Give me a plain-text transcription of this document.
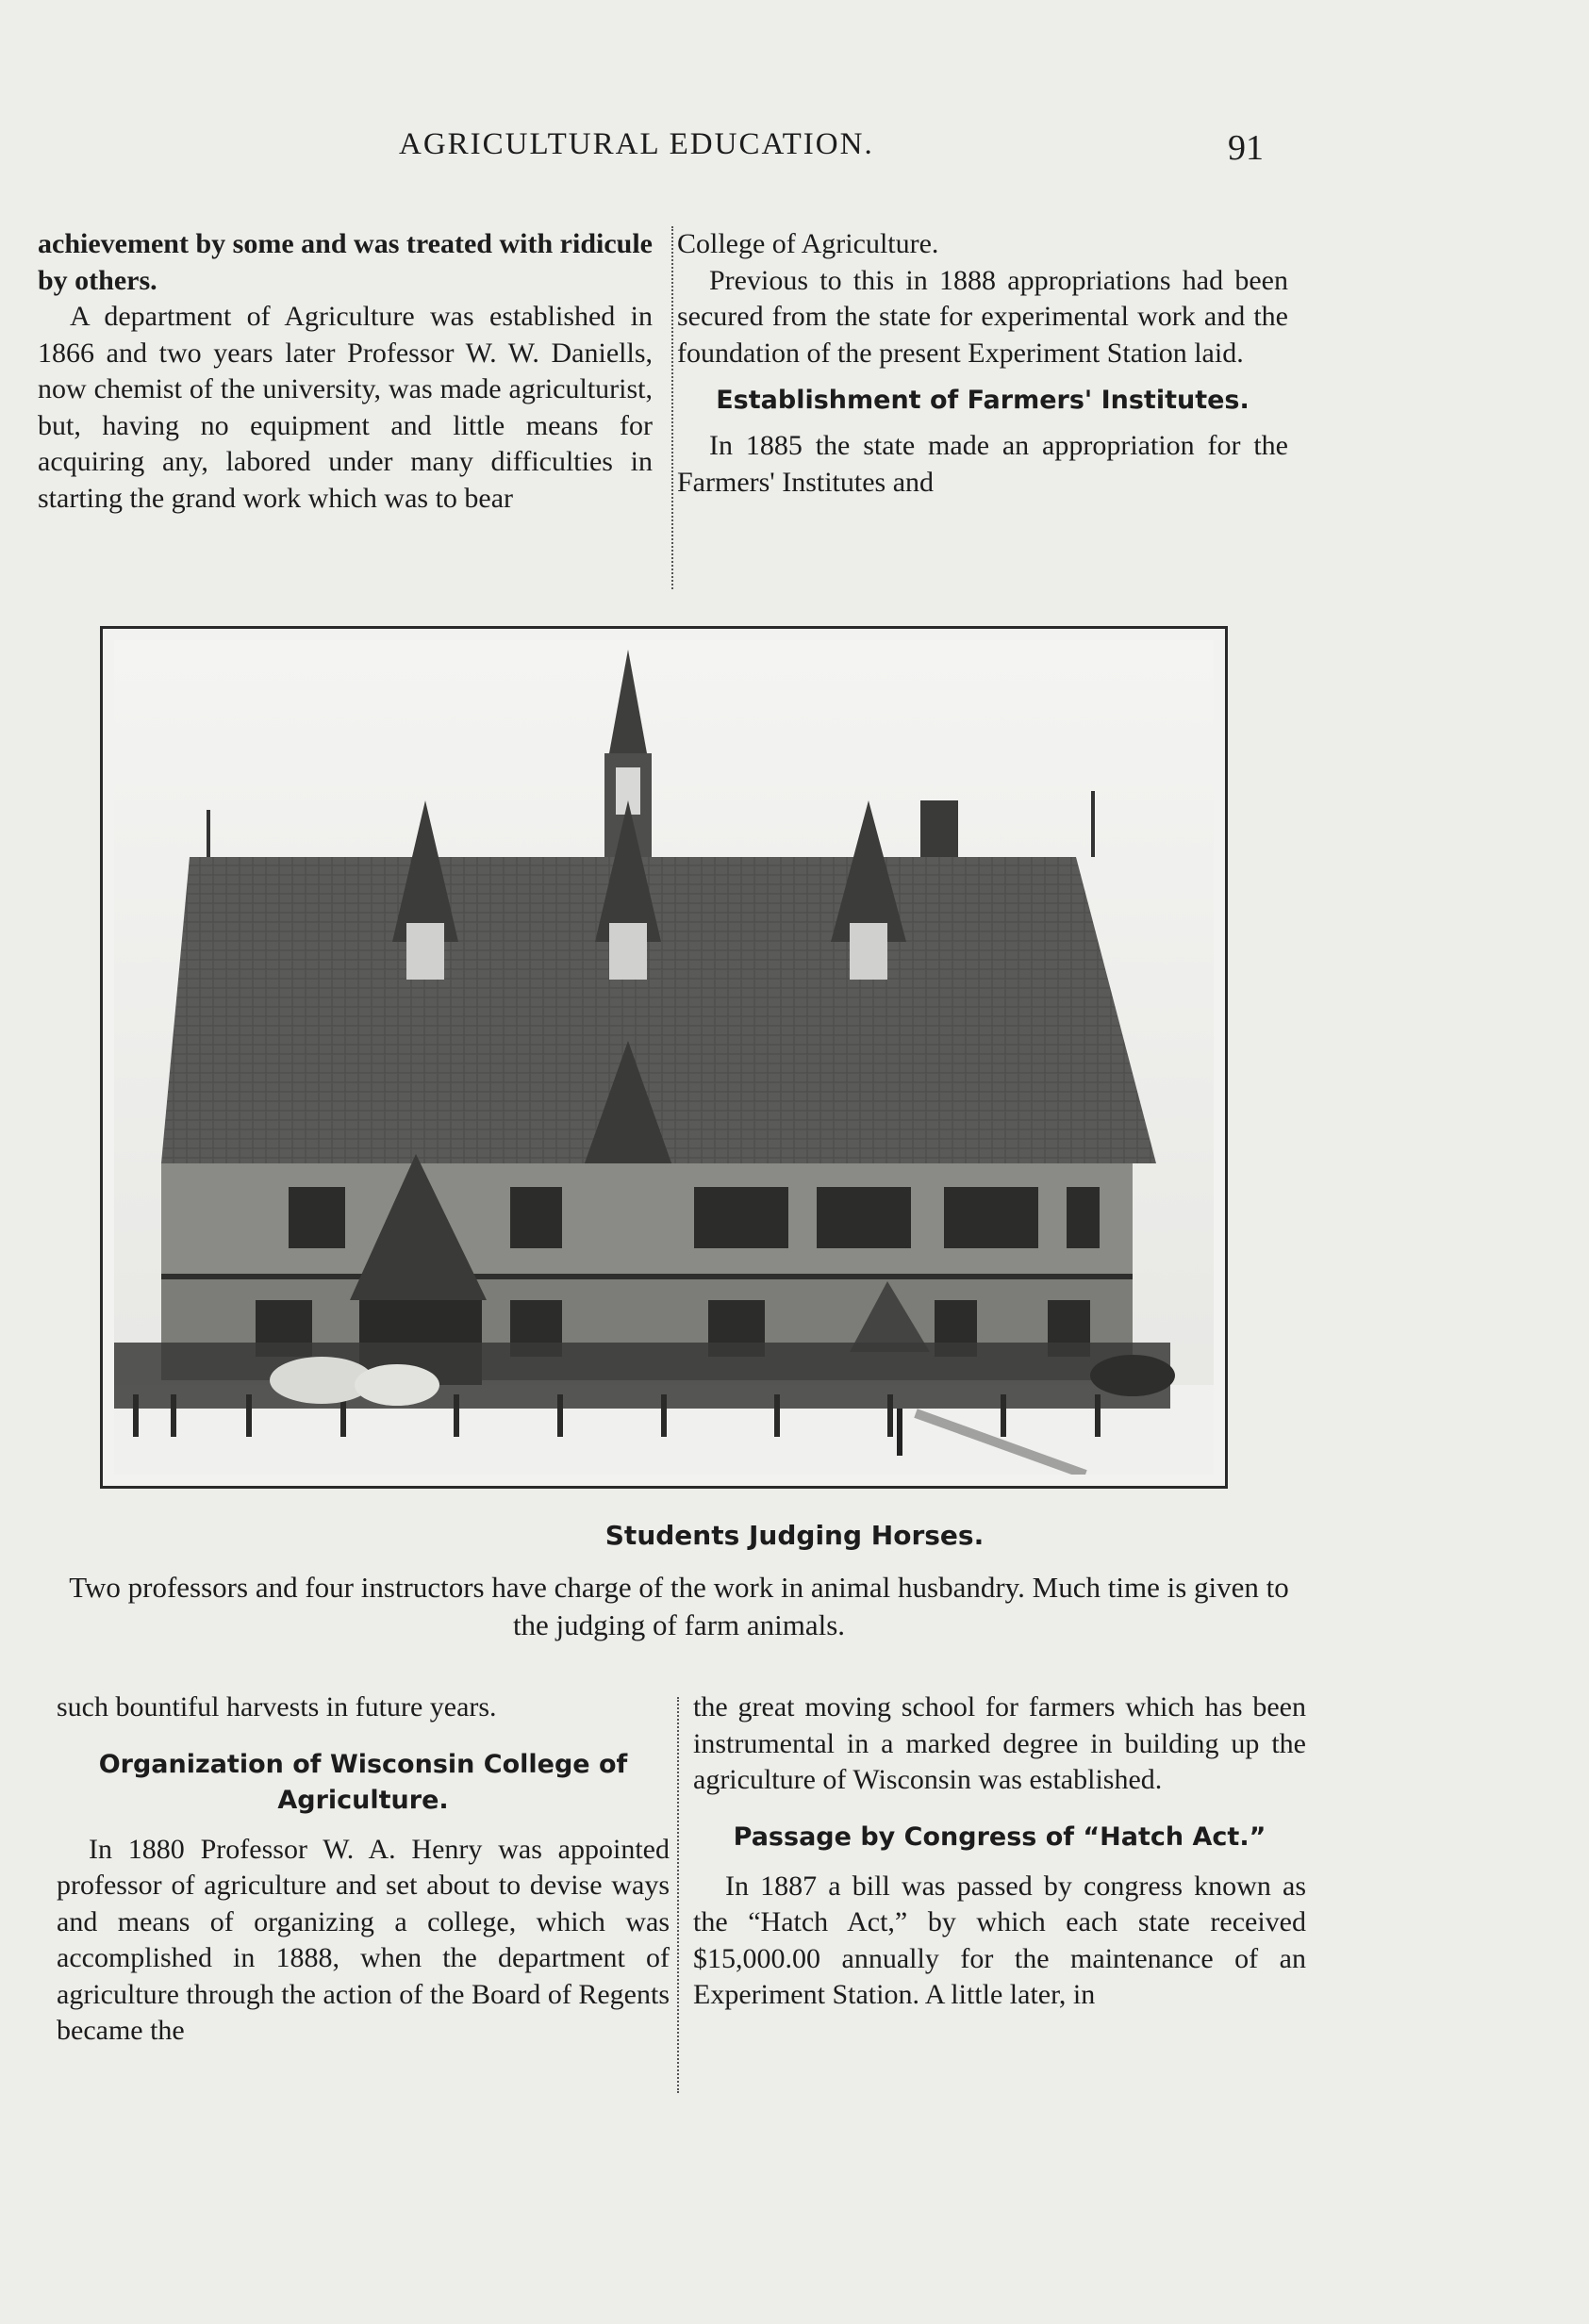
AGRICULTURAL EDUCATION.	91

achievement by some and was treated with ridicule by others.

A department of Agriculture was established in 1866 and two years later Professor W. W. Daniells, now chemist of the university, was made agriculturist, but, having no equipment and little means for acquiring any, labored under many difficulties in starting the grand work which was to bear

College of Agriculture.

Previous to this in 1888 appropriations had been secured from the state for experimental work and the foundation of the present Experiment Station laid.

Establishment of Farmers' Institutes.

In 1885 the state made an appropriation for the Farmers' Institutes and

Students Judging Horses.
Two professors and four instructors have charge of the work in animal husbandry. Much time is given to the judging of farm animals.

such bountiful harvests in future years.

Organization of Wisconsin College of Agriculture.

In 1880 Professor W. A. Henry was appointed professor of agriculture and set about to devise ways and means of organizing a college, which was accomplished in 1888, when the department of agriculture through the action of the Board of Regents became the

the great moving school for farmers which has been instrumental in a marked degree in building up the agriculture of Wisconsin was established.

Passage by Congress of “Hatch Act.”

In 1887 a bill was passed by congress known as the “Hatch Act,” by which each state received $15,000.00 annually for the maintenance of an Experiment Station. A little later, in
